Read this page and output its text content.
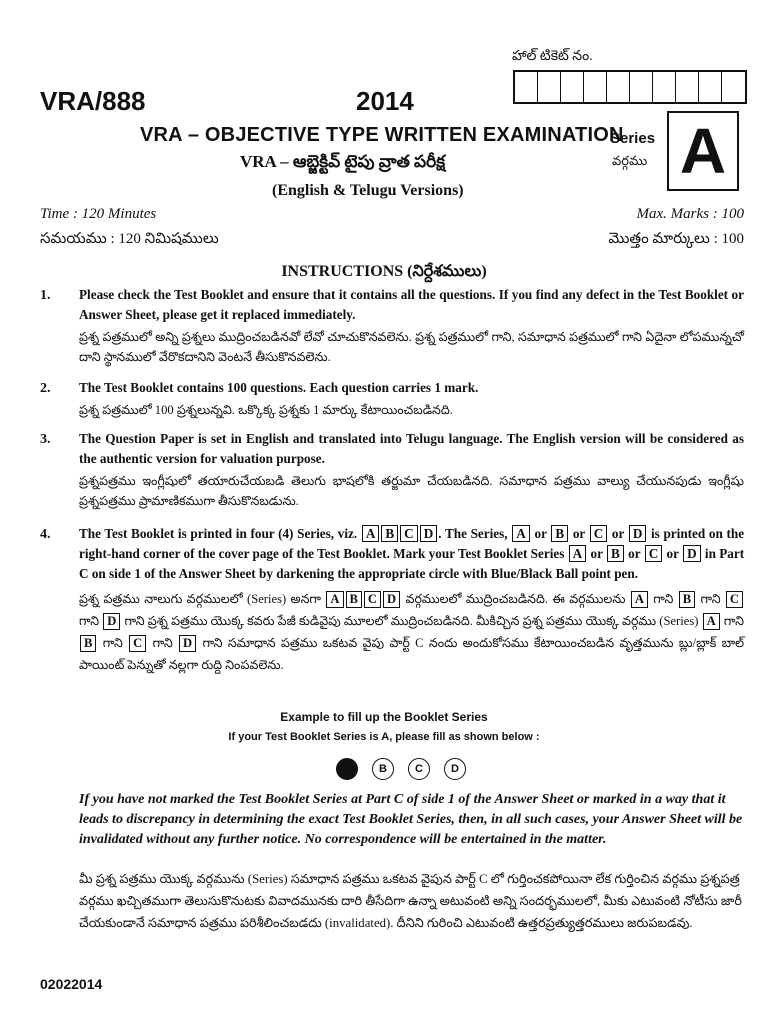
హాల్ టికెట్ నం.
VRA/888	2014
VRA – OBJECTIVE TYPE WRITTEN EXAMINATION
VRA – ఆబ్జెక్టివ్ టైపు వ్రాత పరీక్ష
(English & Telugu Versions)
Series
వర్గము A
Time : 120 Minutes
సమయము : 120 నిమిషములు
Max. Marks : 100
మొత్తం మార్కులు : 100
INSTRUCTIONS (నిర్దేశములు)
1. Please check the Test Booklet and ensure that it contains all the questions. If you find any defect in the Test Booklet or Answer Sheet, please get it replaced immediately.
ప్రశ్న పత్రములో అన్ని ప్రశ్నలు ముద్రించబడినవో లేవో చూచుకొనవలెను. ప్రశ్న పత్రములో గాని, సమాధాన పత్రములో గాని ఏదైనా లోపమున్నచో దాని స్థానములో వేరొకదానిని వెంటనే తీసుకొనవలెను.
2. The Test Booklet contains 100 questions. Each question carries 1 mark.
ప్రశ్న పత్రములో 100 ప్రశ్నలున్నవి. ఒక్కొక్క ప్రశ్నకు 1 మార్కు కేటాయించబడినది.
3. The Question Paper is set in English and translated into Telugu language. The English version will be considered as the authentic version for valuation purpose.
ప్రశ్నపత్రము ఇంగ్లీషులో తయారుచేయబడి తెలుగు భాషలోకి తర్జుమా చేయబడినది. సమాధాన పత్రము వాల్యు చేయునపుడు ఇంగ్లీషు ప్రశ్నపత్రము ప్రామాణికముగా తీసుకొనబడును.
4. The Test Booklet is printed in four (4) Series, viz. A B C D . The Series, A or B or C or D is printed on the right-hand corner of the cover page of the Test Booklet. Mark your Test Booklet Series A or B or C or D in Part C on side 1 of the Answer Sheet by darkening the appropriate circle with Blue/Black Ball point pen.
ప్రశ్న పత్రము నాలుగు వర్గములలో (Series) అనగా A B C D వర్గములలో ముద్రించబడినది. ఈ వర్గములను A గాని B గాని C గాని D గాని ప్రశ్న పత్రము యొక్క కవరు పేజీ కుడివైపు మూలలో ముద్రించబడినది. మీకిచ్చిన ప్రశ్న పత్రము యొక్క వర్గము (Series) A గాని B గాని C గాని D గాని సమాధాన పత్రము ఒకటవ వైపు పార్ట్ C నందు అందుకోసము కేటాయించబడిన వృత్తమును బ్లు/బ్లాక్ బాల్ పాయింట్ పెన్నుతో నల్లగా రుద్ది నింపవలెను.
Example to fill up the Booklet Series
If your Test Booklet Series is A, please fill as shown below :
B	C	D
If you have not marked the Test Booklet Series at Part C of side 1 of the Answer Sheet or marked in a way that it leads to discrepancy in determining the exact Test Booklet Series, then, in all such cases, your Answer Sheet will be invalidated without any further notice. No correspondence will be entertained in the matter.
మీ ప్రశ్న పత్రము యొక్క వర్గమును (Series) సమాధాన పత్రము ఒకటవ వైపున పార్ట్ C లో గుర్తించకపోయినా లేక గుర్తించిన వర్గము ప్రశ్నపత్ర వర్గము ఖచ్చితముగా తెలుసుకొనుటకు వివాదమునకు దారి తీసేదిగా ఉన్నా అటువంటి అన్ని సందర్భములలో, మీకు ఎటువంటి నోటీసు జారీ చేయకుండానే సమాధాన పత్రము పరిశీలించబడదు (invalidated). దీనిని గురించి ఎటువంటి ఉత్తరప్రత్యుత్తరములు జరుపబడవు.
02022014
